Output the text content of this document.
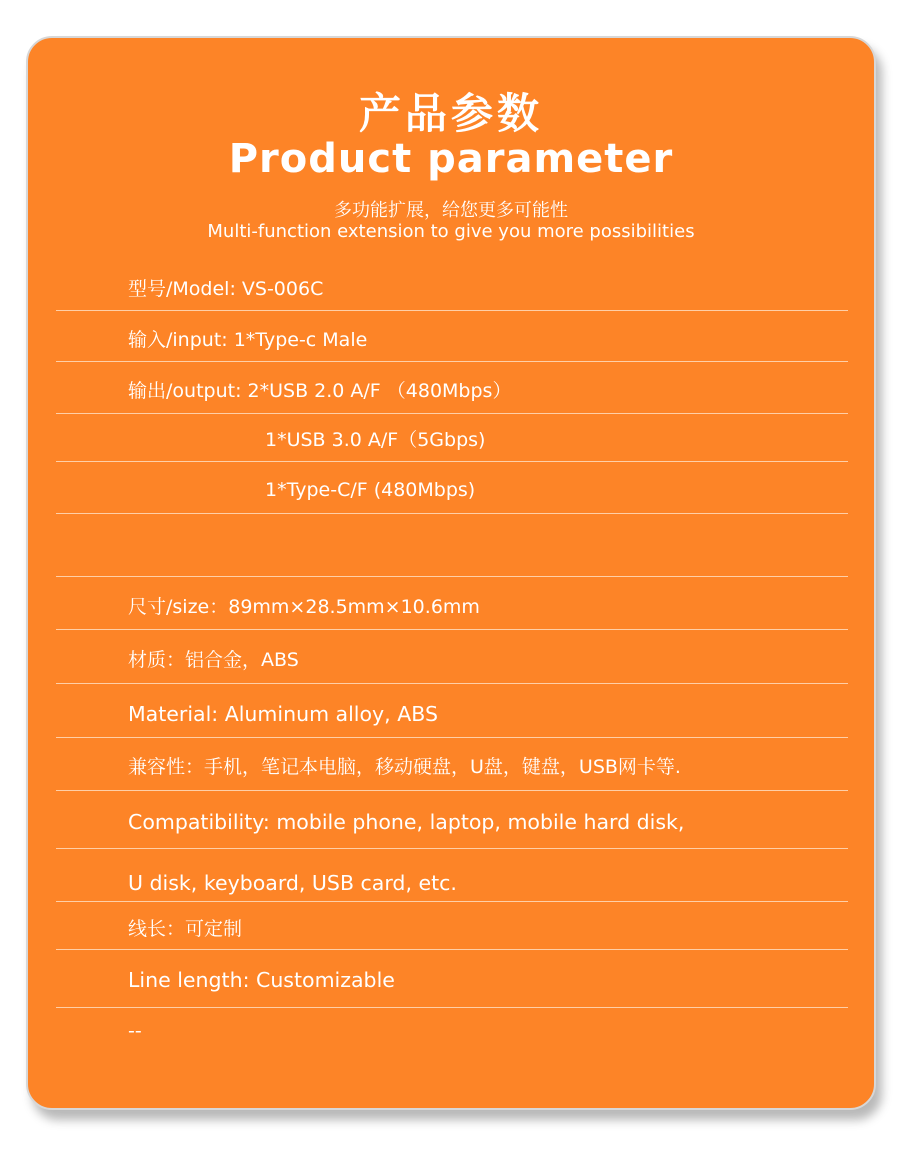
产品参数
Product parameter
多功能扩展，给您更多可能性
Multi-function extension to give you more possibilities
型号/Model: VS-006C
输入/input: 1*Type-c Male
输出/output: 2*USB 2.0 A/F （480Mbps）
1*USB 3.0 A/F（5Gbps)
1*Type-C/F (480Mbps)
尺寸/size：89mm×28.5mm×10.6mm
材质：铝合金，ABS
Material: Aluminum alloy, ABS
兼容性：手机，笔记本电脑，移动硬盘，U盘，键盘，USB网卡等.
Compatibility: mobile phone, laptop, mobile hard disk,
U disk, keyboard, USB card, etc.
线长：可定制
Line length: Customizable
--
